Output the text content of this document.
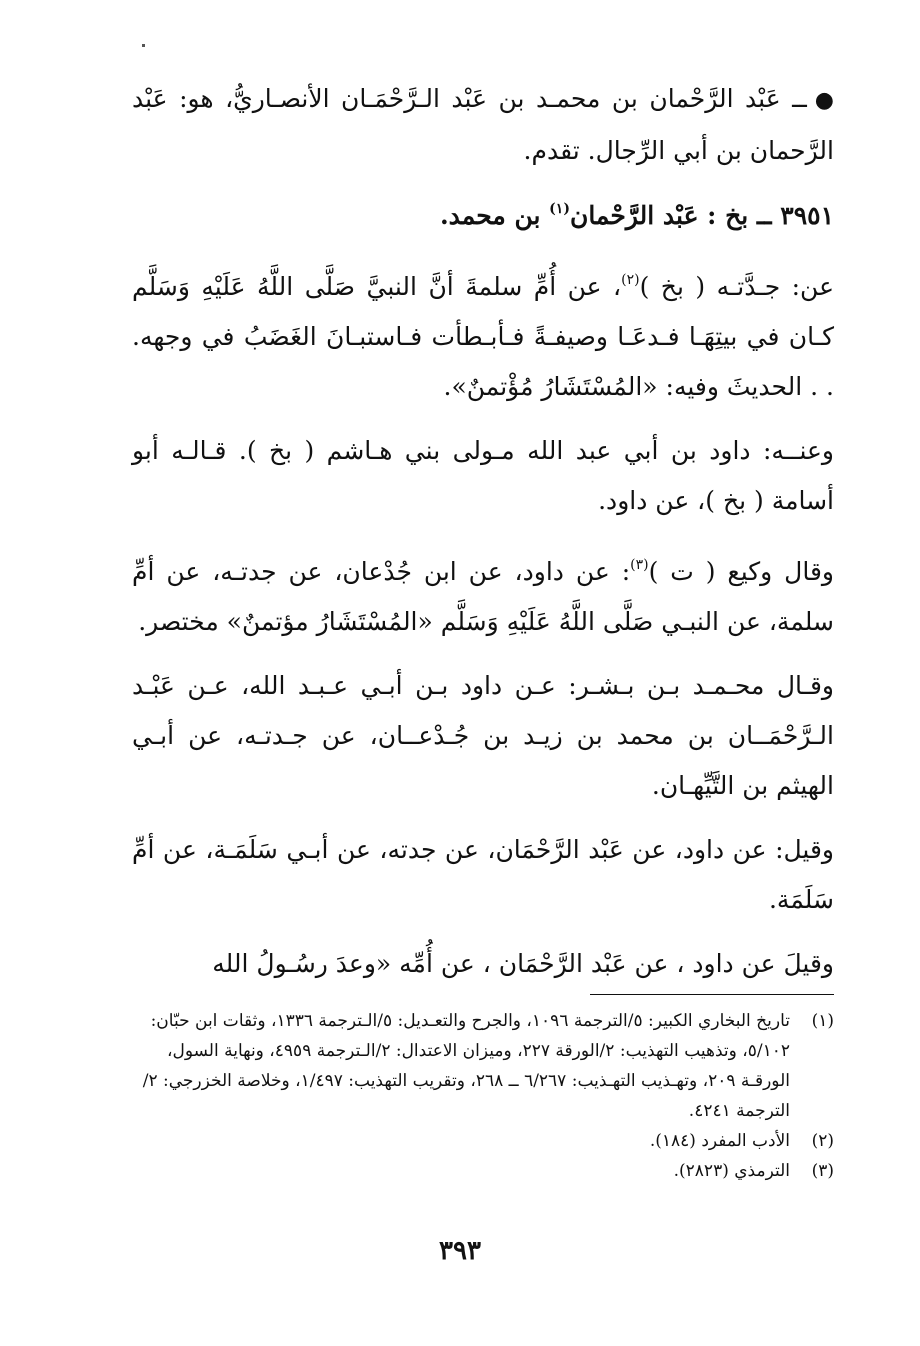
●ــ عَبْد الرَّحْمان بن محمـد بن عَبْد الـرَّحْمَـان الأنصـاريُّ، هو: عَبْد الرَّحمان بن أبي الرِّجال. تقدم.

٣٩٥١ ــ بخ : عَبْد الرَّحْمان$^{(١)}$ بن محمد.

عن: جـدَّتـه ( بخ )$^{(٢)}$، عن أُمِّ سلمةَ أنَّ النبيَّ صَلَّى اللَّهُ عَلَيْهِ وَسَلَّم كـان في بيتِهَـا فـدعَـا وصيفـةً فـأبـطأت فـاستبـانَ الغَضَبُ في وجهه. . . الحديثَ وفيه: «المُسْتَشَارُ مُؤْتمنٌ».

وعنــه: داود بن أبي عبد الله مـولى بني هـاشم ( بخ ). قـالـه أبو أسامة ( بخ )، عن داود.

وقال وكيع ( ت )$^{(٣)}$: عن داود، عن ابن جُدْعان، عن جدتـه، عن أمِّ سلمة، عن النبـي صَلَّى اللَّهُ عَلَيْهِ وَسَلَّم «المُسْتَشَارُ مؤتمنٌ» مختصر.

وقـال محـمـد بـن بـشـر: عـن داود بـن أبـي عـبـد الله، عـن عَبْـد الـرَّحْمَــان بن محمد بن زيـد بن جُـدْعــان، عن جـدتـه، عن أبـي الهيثم بن التَّيِّهـان.

وقيل: عن داود، عن عَبْد الرَّحْمَان، عن جدته، عن أبـي سَلَمَـة، عن أمِّ سَلَمَة.

وقيلَ عن داود ، عن عَبْد الرَّحْمَان ، عن أُمِّه «وعدَ رسُـولُ الله

(١)
تاريخ البخاري الكبير: ٥/الترجمة ١٠٩٦، والجرح والتعـديل: ٥/الـترجمة ١٣٣٦، وثقات ابن حبّان: ٥/١٠٢، وتذهيب التهذيب: ٢/الورقة ٢٢٧، وميزان الاعتدال: ٢/الـترجمة ٤٩٥٩، ونهاية السول، الورقـة ٢٠٩، وتهـذيب التهـذيب: ٦/٢٦٧ ــ ٢٦٨، وتقريب التهذيب: ١/٤٩٧، وخلاصة الخزرجي: ٢/الترجمة ٤٢٤١.
(٢)
الأدب المفرد (١٨٤).
(٣)
الترمذي (٢٨٢٣).
٣٩٣
